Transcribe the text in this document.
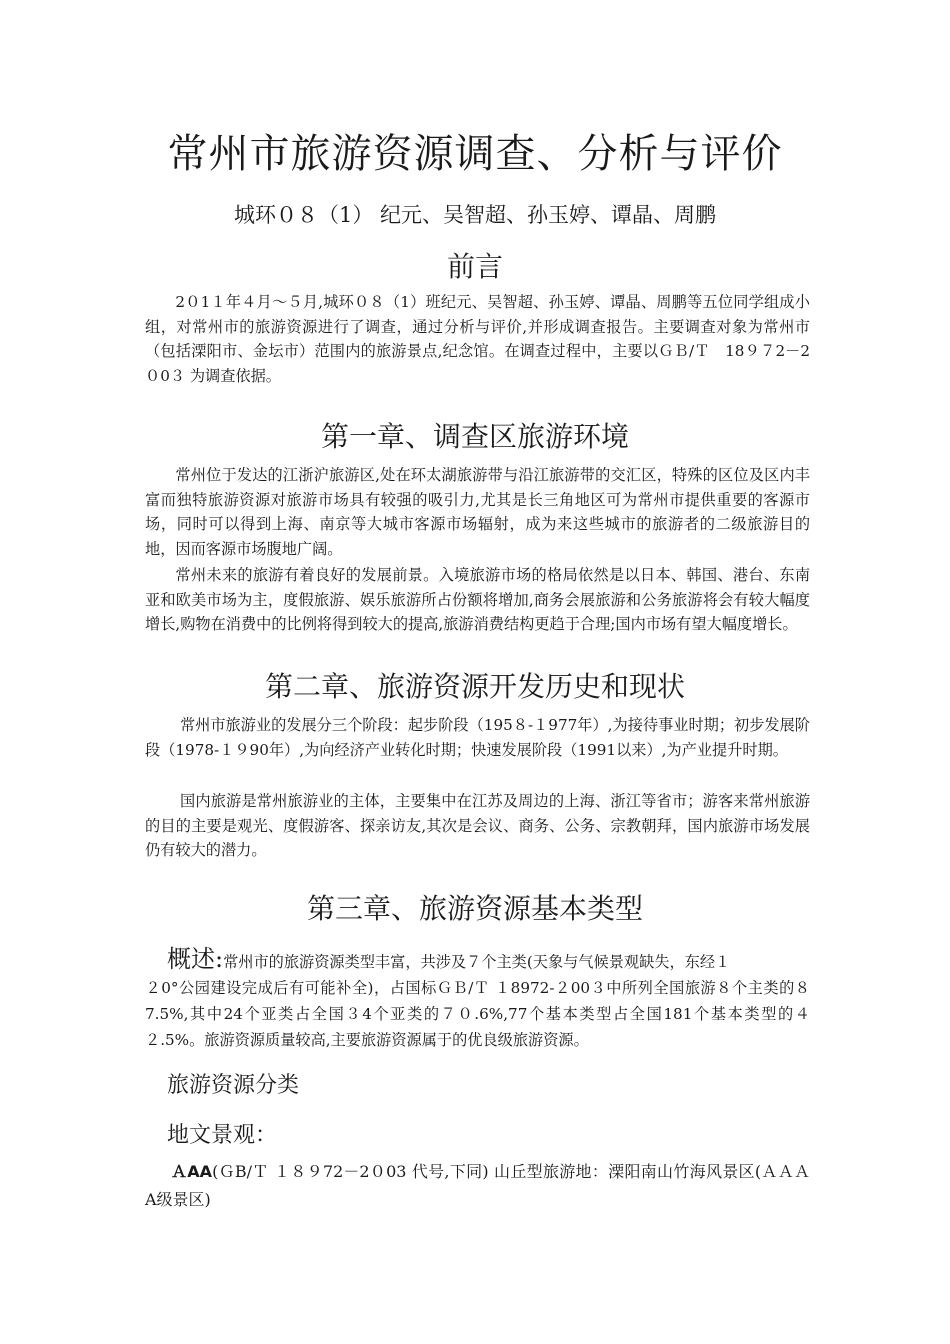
常州市旅游资源调查、分析与评价
城环０８（1） 纪元、吴智超、孙玉婷、谭晶、周鹏
前言

2０1１年４月～５月,城环０８（1）班纪元、吴智超、孙玉婷、谭晶、周鹏等五位同学组成小组，对常州市的旅游资源进行了调查，通过分析与评价,并形成调查报告。主要调查对象为常州市（包括溧阳市、金坛市）范围内的旅游景点,纪念馆。在调查过程中，主要以ＧＢ/Ｔ　18９７2－2０0３ 为调查依据。

第一章、调查区旅游环境

常州位于发达的江浙沪旅游区,处在环太湖旅游带与沿江旅游带的交汇区，特殊的区位及区内丰富而独特旅游资源对旅游市场具有较强的吸引力,尤其是长三角地区可为常州市提供重要的客源市场，同时可以得到上海、南京等大城市客源市场辐射，成为来这些城市的旅游者的二级旅游目的地，因而客源市场腹地广阔。

常州未来的旅游有着良好的发展前景。入境旅游市场的格局依然是以日本、韩国、港台、东南亚和欧美市场为主，度假旅游、娱乐旅游所占份额将增加,商务会展旅游和公务旅游将会有较大幅度增长,购物在消费中的比例将得到较大的提高,旅游消费结构更趋于合理;国内市场有望大幅度增长。

第二章、旅游资源开发历史和现状

常州市旅游业的发展分三个阶段：起步阶段（195８-１977年）,为接待事业时期；初步发展阶段（1978-１９90年）,为向经济产业转化时期；快速发展阶段（1991以来）,为产业提升时期。

国内旅游是常州旅游业的主体，主要集中在江苏及周边的上海、浙江等省市；游客来常州旅游的目的主要是观光、度假游客、探亲访友,其次是会议、商务、公务、宗教朝拜，国内旅游市场发展仍有较大的潜力。

第三章、旅游资源基本类型

概述:常州市的旅游资源类型丰富，共涉及７个主类(天象与气候景观缺失，东经１
２0°公园建设完成后有可能补全)，占国标ＧＢ/Ｔ １8972-２00３中所列全国旅游８个主类的８7.5%,其中24个亚类占全国３4个亚类的７０.6%,77个基本类型占全国181个基本类型的４２.5%。旅游资源质量较高,主要旅游资源属于的优良级旅游资源。

旅游资源分类
地文景观：

ＡAA(ＧB/Ｔ １８９72－2０03 代号,下同) 山丘型旅游地：溧阳南山竹海风景区(ＡＡＡA级景区)
